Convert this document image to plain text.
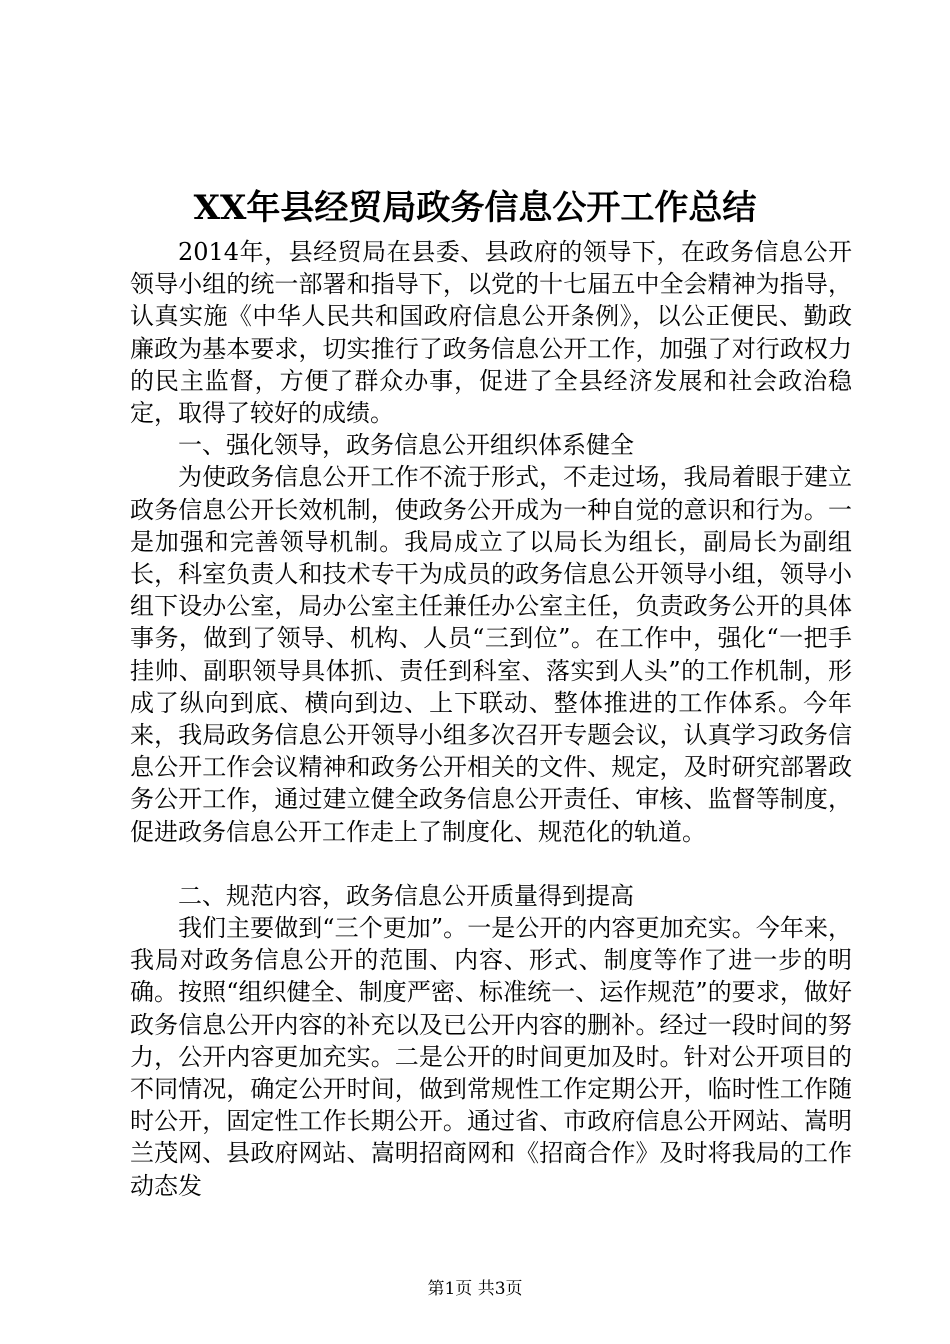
XX年县经贸局政务信息公开工作总结

2014年，县经贸局在县委、县政府的领导下，在政务信息公开领导小组的统一部署和指导下，以党的十七届五中全会精神为指导，认真实施《中华人民共和国政府信息公开条例》，以公正便民、勤政廉政为基本要求，切实推行了政务信息公开工作，加强了对行政权力的民主监督，方便了群众办事，促进了全县经济发展和社会政治稳定，取得了较好的成绩。

一、强化领导，政务信息公开组织体系健全

为使政务信息公开工作不流于形式，不走过场，我局着眼于建立政务信息公开长效机制，使政务公开成为一种自觉的意识和行为。一是加强和完善领导机制。我局成立了以局长为组长，副局长为副组长，科室负责人和技术专干为成员的政务信息公开领导小组，领导小组下设办公室，局办公室主任兼任办公室主任，负责政务公开的具体事务，做到了领导、机构、人员“三到位”。在工作中，强化“一把手挂帅、副职领导具体抓、责任到科室、落实到人头”的工作机制，形成了纵向到底、横向到边、上下联动、整体推进的工作体系。今年来，我局政务信息公开领导小组多次召开专题会议，认真学习政务信息公开工作会议精神和政务公开相关的文件、规定，及时研究部署政务公开工作，通过建立健全政务信息公开责任、审核、监督等制度，促进政务信息公开工作走上了制度化、规范化的轨道。

二、规范内容，政务信息公开质量得到提高

我们主要做到“三个更加”。一是公开的内容更加充实。今年来，我局对政务信息公开的范围、内容、形式、制度等作了进一步的明确。按照“组织健全、制度严密、标准统一、运作规范”的要求，做好政务信息公开内容的补充以及已公开内容的删补。经过一段时间的努力，公开内容更加充实。二是公开的时间更加及时。针对公开项目的不同情况，确定公开时间，做到常规性工作定期公开，临时性工作随时公开，固定性工作长期公开。通过省、市政府信息公开网站、嵩明兰茂网、县政府网站、嵩明招商网和《招商合作》及时将我局的工作动态发

第1页 共3页
